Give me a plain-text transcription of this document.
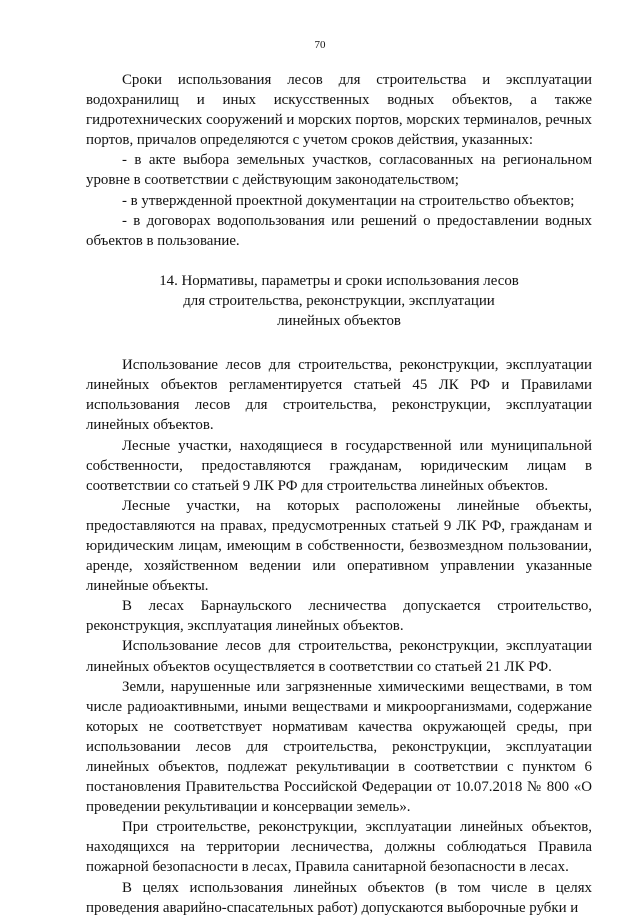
70

Сроки использования лесов для строительства и эксплуатации водохранилищ и иных искусственных водных объектов, а также гидротехнических сооружений и морских портов, морских терминалов, речных портов, причалов определяются с учетом сроков действия, указанных:

- в акте выбора земельных участков, согласованных на региональном уровне в соответствии с действующим законодательством;

- в утвержденной проектной документации на строительство объектов;

- в договорах водопользования или решений о предоставлении водных объектов в пользование.

14. Нормативы, параметры и сроки использования лесов
для строительства, реконструкции, эксплуатации
линейных объектов

Использование лесов для строительства, реконструкции, эксплуатации линейных объектов регламентируется статьей 45 ЛК РФ и Правилами использования лесов для строительства, реконструкции, эксплуатации линейных объектов.

Лесные участки, находящиеся в государственной или муниципальной собственности, предоставляются гражданам, юридическим лицам в соответствии со статьей 9 ЛК РФ для строительства линейных объектов.

Лесные участки, на которых расположены линейные объекты, предоставляются на правах, предусмотренных статьей 9 ЛК РФ, гражданам и юридическим лицам, имеющим в собственности, безвозмездном пользовании, аренде, хозяйственном ведении или оперативном управлении указанные линейные объекты.

В лесах Барнаульского лесничества допускается строительство, реконструкция, эксплуатация линейных объектов.

Использование лесов для строительства, реконструкции, эксплуатации линейных объектов осуществляется в соответствии со статьей 21 ЛК РФ.

Земли, нарушенные или загрязненные химическими веществами, в том числе радиоактивными, иными веществами и микроорганизмами, содержание которых не соответствует нормативам качества окружающей среды, при использовании лесов для строительства, реконструкции, эксплуатации линейных объектов, подлежат рекультивации в соответствии с пунктом 6 постановления Правительства Российской Федерации от 10.07.2018 № 800 «О проведении рекультивации и консервации земель».

При строительстве, реконструкции, эксплуатации линейных объектов, находящихся на территории лесничества, должны соблюдаться Правила пожарной безопасности в лесах, Правила санитарной безопасности в лесах.

В целях использования линейных объектов (в том числе в целях проведения аварийно-спасательных работ) допускаются выборочные рубки и
